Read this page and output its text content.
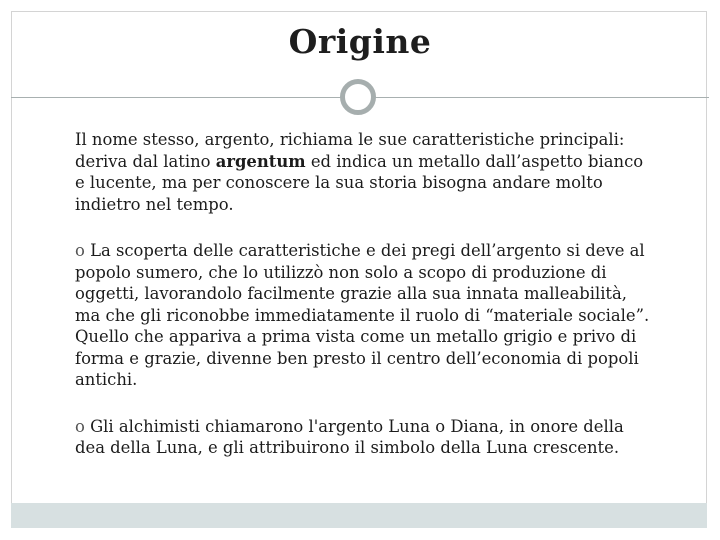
Origine

Il nome stesso, argento, richiama le sue caratteristiche principali: deriva dal latino argentum ed indica un metallo dall’aspetto bianco e lucente, ma per conoscere la sua storia bisogna andare molto indietro nel tempo.

o La scoperta delle caratteristiche e dei pregi dell’argento si deve al popolo sumero, che lo utilizzò non solo a scopo di produzione di oggetti, lavorandolo facilmente grazie alla sua innata malleabilità, ma che gli riconobbe immediatamente il ruolo di “materiale sociale”. Quello che appariva a prima vista come un metallo grigio e privo di forma e grazie, divenne ben presto il centro dell’economia di popoli antichi.

o Gli alchimisti chiamarono l'argento Luna o Diana, in onore della dea della Luna, e gli attribuirono il simbolo della Luna crescente.
